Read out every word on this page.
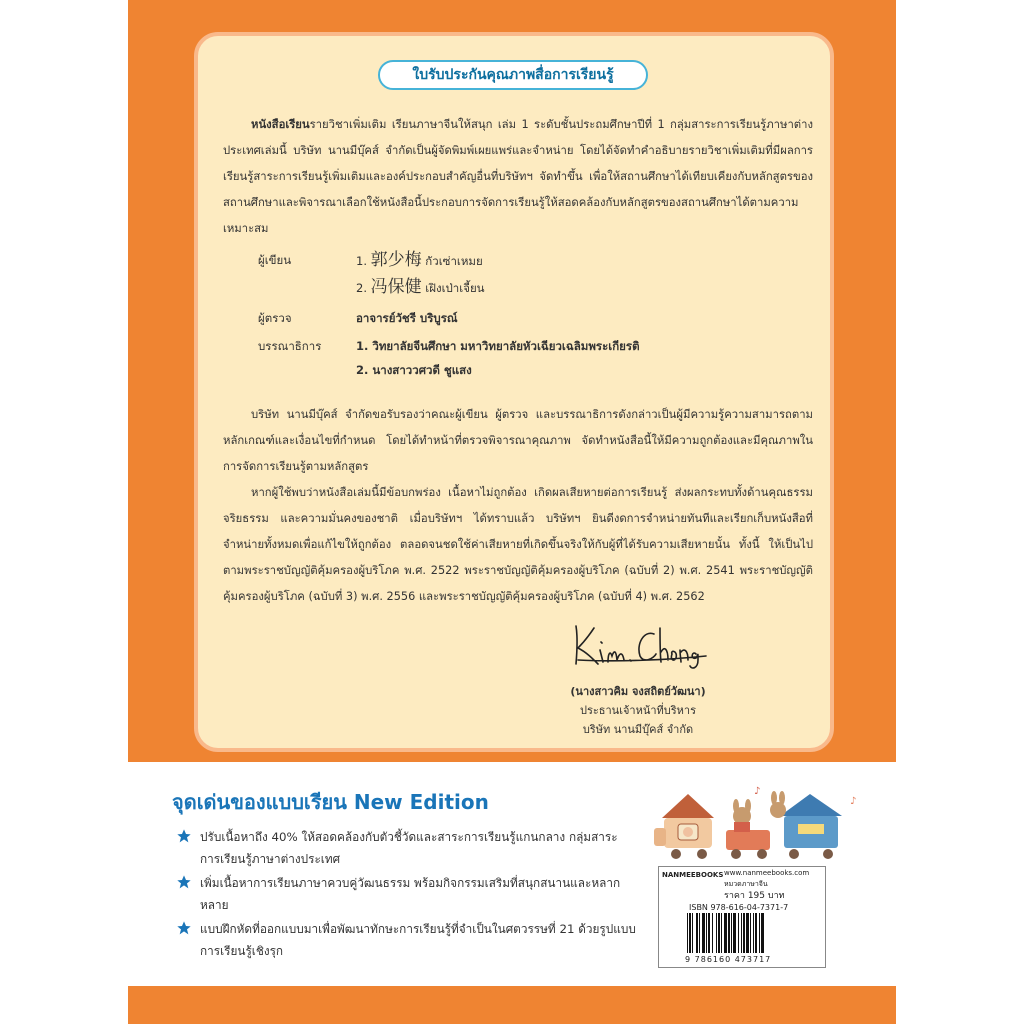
ใบรับประกันคุณภาพสื่อการเรียนรู้
หนังสือเรียนรายวิชาเพิ่มเติม เรียนภาษาจีนให้สนุก เล่ม 1 ระดับชั้นประถมศึกษาปีที่ 1 กลุ่มสาระการเรียนรู้ภาษาต่างประเทศเล่มนี้ บริษัท นานมีบุ๊คส์ จำกัดเป็นผู้จัดพิมพ์เผยแพร่และจำหน่าย โดยได้จัดทำคำอธิบายรายวิชาเพิ่มเติมที่มีผลการเรียนรู้สาระการเรียนรู้เพิ่มเติมและองค์ประกอบสำคัญอื่นที่บริษัทฯ จัดทำขึ้น เพื่อให้สถานศึกษาได้เทียบเคียงกับหลักสูตรของสถานศึกษาและพิจารณาเลือกใช้หนังสือนี้ประกอบการจัดการเรียนรู้ให้สอดคล้องกับหลักสูตรของสถานศึกษาได้ตามความเหมาะสม
ผู้เขียน	1. 郭少梅 กัวเซ่าเหมย
2. 冯保健 เฝิงเป่าเจี้ยน
ผู้ตรวจ	อาจารย์วัชรี บริบูรณ์
บรรณาธิการ	1. วิทยาลัยจีนศึกษา มหาวิทยาลัยหัวเฉียวเฉลิมพระเกียรติ
2. นางสาววศวดี ชูแสง
บริษัท นานมีบุ๊คส์ จำกัดขอรับรองว่าคณะผู้เขียน ผู้ตรวจ และบรรณาธิการดังกล่าวเป็นผู้มีความรู้ความสามารถตามหลักเกณฑ์และเงื่อนไขที่กำหนด โดยได้ทำหน้าที่ตรวจพิจารณาคุณภาพ จัดทำหนังสือนี้ให้มีความถูกต้องและมีคุณภาพในการจัดการเรียนรู้ตามหลักสูตร
หากผู้ใช้พบว่าหนังสือเล่มนี้มีข้อบกพร่อง เนื้อหาไม่ถูกต้อง เกิดผลเสียหายต่อการเรียนรู้ ส่งผลกระทบทั้งด้านคุณธรรม จริยธรรม และความมั่นคงของชาติ เมื่อบริษัทฯ ได้ทราบแล้ว บริษัทฯ ยินดีงดการจำหน่ายทันทีและเรียกเก็บหนังสือที่จำหน่ายทั้งหมดเพื่อแก้ไขให้ถูกต้อง ตลอดจนชดใช้ค่าเสียหายที่เกิดขึ้นจริงให้กับผู้ที่ได้รับความเสียหายนั้น ทั้งนี้ ให้เป็นไปตามพระราชบัญญัติคุ้มครองผู้บริโภค พ.ศ. 2522 พระราชบัญญัติคุ้มครองผู้บริโภค (ฉบับที่ 2) พ.ศ. 2541 พระราชบัญญัติคุ้มครองผู้บริโภค (ฉบับที่ 3) พ.ศ. 2556 และพระราชบัญญัติคุ้มครองผู้บริโภค (ฉบับที่ 4) พ.ศ. 2562
(นางสาวคิม จงสถิตย์วัฒนา)
ประธานเจ้าหน้าที่บริหาร
บริษัท นานมีบุ๊คส์ จำกัด
จุดเด่นของแบบเรียน New Edition
ปรับเนื้อหาถึง 40% ให้สอดคล้องกับตัวชี้วัดและสาระการเรียนรู้แกนกลาง กลุ่มสาระการเรียนรู้ภาษาต่างประเทศ
เพิ่มเนื้อหาการเรียนภาษาควบคู่วัฒนธรรม พร้อมกิจกรรมเสริมที่สนุกสนานและหลากหลาย
แบบฝึกหัดที่ออกแบบมาเพื่อพัฒนาทักษะการเรียนรู้ที่จำเป็นในศตวรรษที่ 21 ด้วยรูปแบบการเรียนรู้เชิงรุก
♪
♪
NANMEEBOOKS www.nanmeebooks.com
หมวดภาษาจีน
ราคา 195 บาท
ISBN 978-616-04-7371-7
9 786160 473717
